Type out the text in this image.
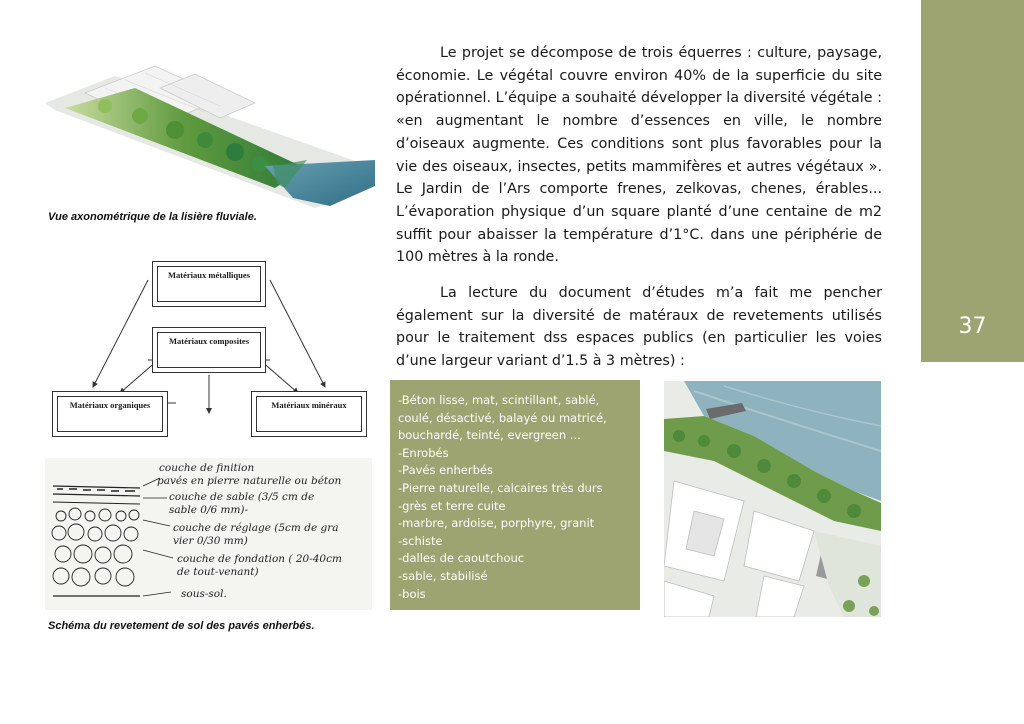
37
Vue axonométrique de la lisière fluviale.
Matériaux métalliques
Matériaux composites
Matériaux organiques	Matériaux minéraux
couche de finition
pavés en pierre naturelle ou béton
couche de sable (3/5 cm de
sable 0/6 mm)-
couche de réglage (5cm de gra
vier 0/30 mm)
couche de fondation ( 20-40cm
de tout-venant)
sous-sol.
Schéma du revetement de sol des pavés enherbés.

Le projet se décompose de trois équerres : culture, paysage, économie. Le végétal couvre environ 40% de la superficie du site opérationnel. L’équipe a souhaité développer la diversité végétale : «en augmentant le nombre d’essences en ville, le nombre d’oiseaux augmente. Ces conditions sont plus favorables pour la vie des oiseaux, insectes, petits mammifères et autres végétaux ». Le Jardin de l’Ars comporte frenes, zelkovas, chenes, érables... L’évaporation physique d’un square planté d’une centaine de m2 suffit pour abaisser la température d’1°C. dans une périphérie de 100 mètres à la ronde.

La lecture du document d’études m’a fait me pencher également sur la diversité de matéraux de revetements utilisés pour le traitement dss espaces publics (en particulier les voies d’une largeur variant d’1.5 à 3 mètres) :

-Béton lisse, mat, scintillant, sablé,
coulé, désactivé, balayé ou matricé,
bouchardé, teinté, evergreen ...
-Enrobés
-Pavés enherbés
-Pierre naturelle, calcaires très durs
-grès et terre cuite
-marbre, ardoise, porphyre, granit
-schiste
-dalles de caoutchouc
-sable, stabilisé
-bois
